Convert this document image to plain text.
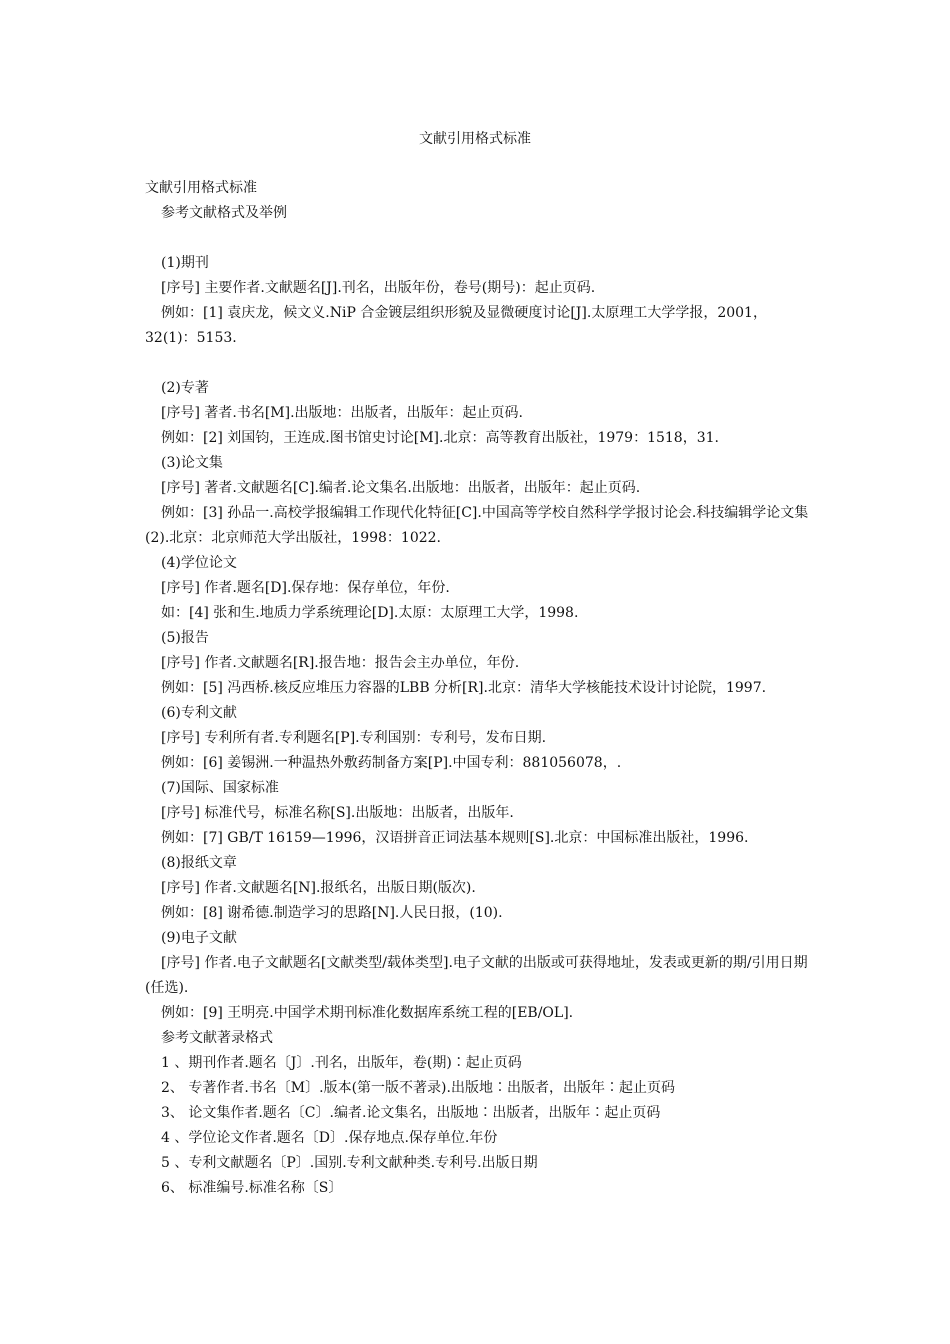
文献引用格式标准

文献引用格式标准

参考文献格式及举例

(1)期刊

[序号] 主要作者.文献题名[J].刊名，出版年份，卷号(期号)：起止页码.

例如：[1] 袁庆龙，候文义.NiP 合金镀层组织形貌及显微硬度讨论[J].太原理工大学学报，2001，32(1)：5153.

(2)专著

[序号] 著者.书名[M].出版地：出版者，出版年：起止页码.

例如：[2] 刘国钧，王连成.图书馆史讨论[M].北京：高等教育出版社，1979：1518，31.

(3)论文集

[序号] 著者.文献题名[C].编者.论文集名.出版地：出版者，出版年：起止页码.

例如：[3] 孙品一.高校学报编辑工作现代化特征[C].中国高等学校自然科学学报讨论会.科技编辑学论文集(2).北京：北京师范大学出版社，1998：1022.

(4)学位论文

[序号] 作者.题名[D].保存地：保存单位，年份.

如：[4] 张和生.地质力学系统理论[D].太原：太原理工大学，1998.

(5)报告

[序号] 作者.文献题名[R].报告地：报告会主办单位，年份.

例如：[5] 冯西桥.核反应堆压力容器的LBB 分析[R].北京：清华大学核能技术设计讨论院，1997.

(6)专利文献

[序号] 专利所有者.专利题名[P].专利国别：专利号，发布日期.

例如：[6] 姜锡洲.一种温热外敷药制备方案[P].中国专利：881056078，.

(7)国际、国家标准

[序号] 标准代号，标准名称[S].出版地：出版者，出版年.

例如：[7] GB/T 16159—1996，汉语拼音正词法基本规则[S].北京：中国标准出版社，1996.

(8)报纸文章

[序号] 作者.文献题名[N].报纸名，出版日期(版次).

例如：[8] 谢希德.制造学习的思路[N].人民日报，(10).

(9)电子文献

[序号] 作者.电子文献题名[文献类型/载体类型].电子文献的出版或可获得地址，发表或更新的期/引用日期(任选).

例如：[9] 王明亮.中国学术期刊标准化数据库系统工程的[EB/OL].

参考文献著录格式

1 、期刊作者.题名〔J〕.刊名，出版年，卷(期)∶起止页码

2、 专著作者.书名〔M〕.版本(第一版不著录).出版地∶出版者，出版年∶起止页码

3、 论文集作者.题名〔C〕.编者.论文集名，出版地∶出版者，出版年∶起止页码

4 、学位论文作者.题名〔D〕.保存地点.保存单位.年份

5 、专利文献题名〔P〕.国别.专利文献种类.专利号.出版日期

6、 标准编号.标准名称〔S〕
